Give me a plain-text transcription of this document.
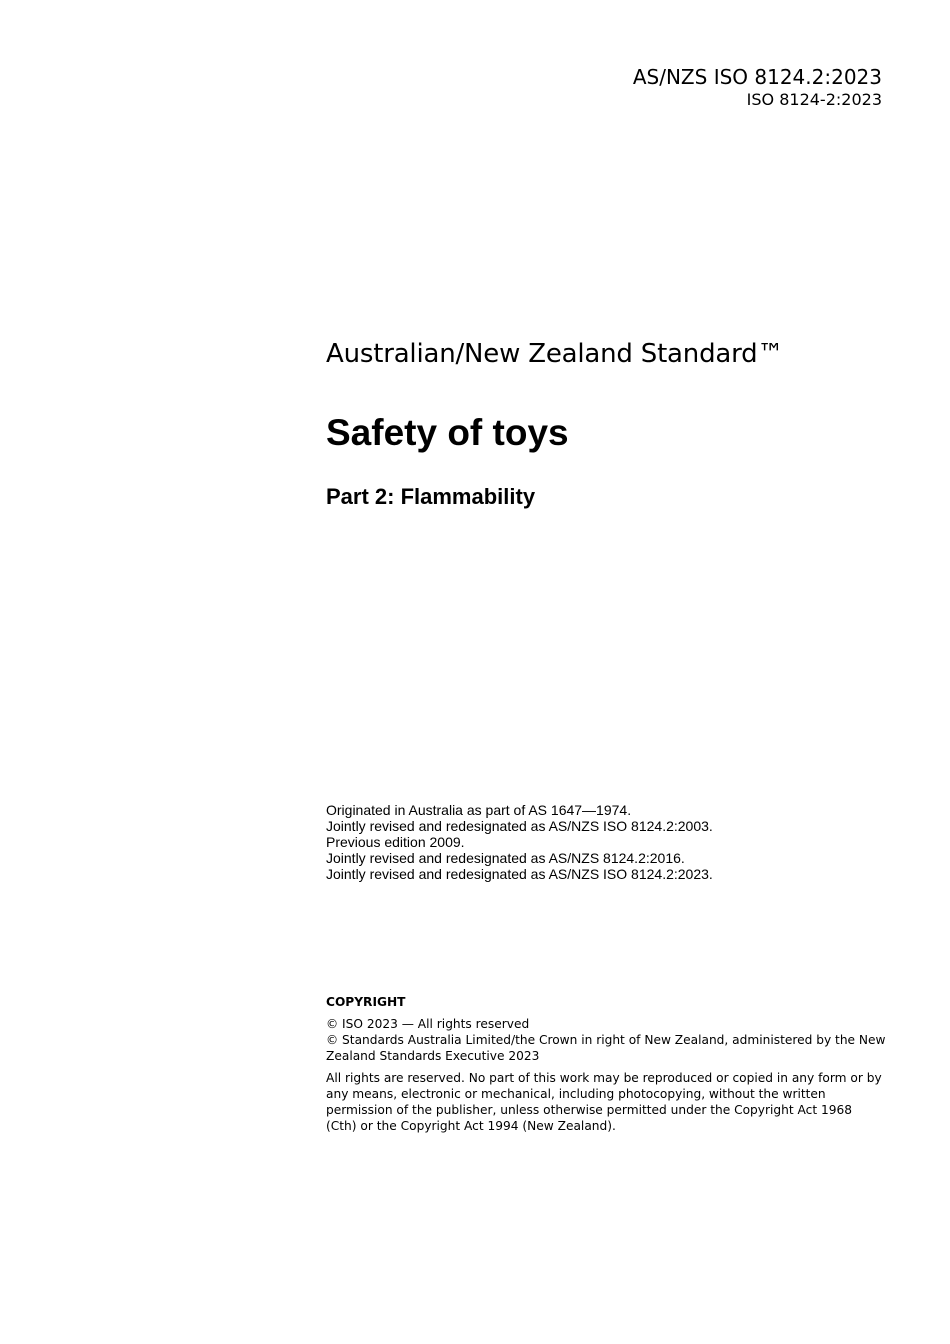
AS/NZS ISO 8124.2:2023
ISO 8124-2:2023
Australian/New Zealand Standard™
Safety of toys
Part 2: Flammability
Originated in Australia as part of AS 1647—1974.
Jointly revised and redesignated as AS/NZS ISO 8124.2:2003.
Previous edition 2009.
Jointly revised and redesignated as AS/NZS 8124.2:2016.
Jointly revised and redesignated as AS/NZS ISO 8124.2:2023.
COPYRIGHT
© ISO 2023 — All rights reserved
© Standards Australia Limited/the Crown in right of New Zealand, administered by the New Zealand Standards Executive 2023
All rights are reserved. No part of this work may be reproduced or copied in any form or by any means, electronic or mechanical, including photocopying, without the written permission of the publisher, unless otherwise permitted under the Copyright Act 1968 (Cth) or the Copyright Act 1994 (New Zealand).
